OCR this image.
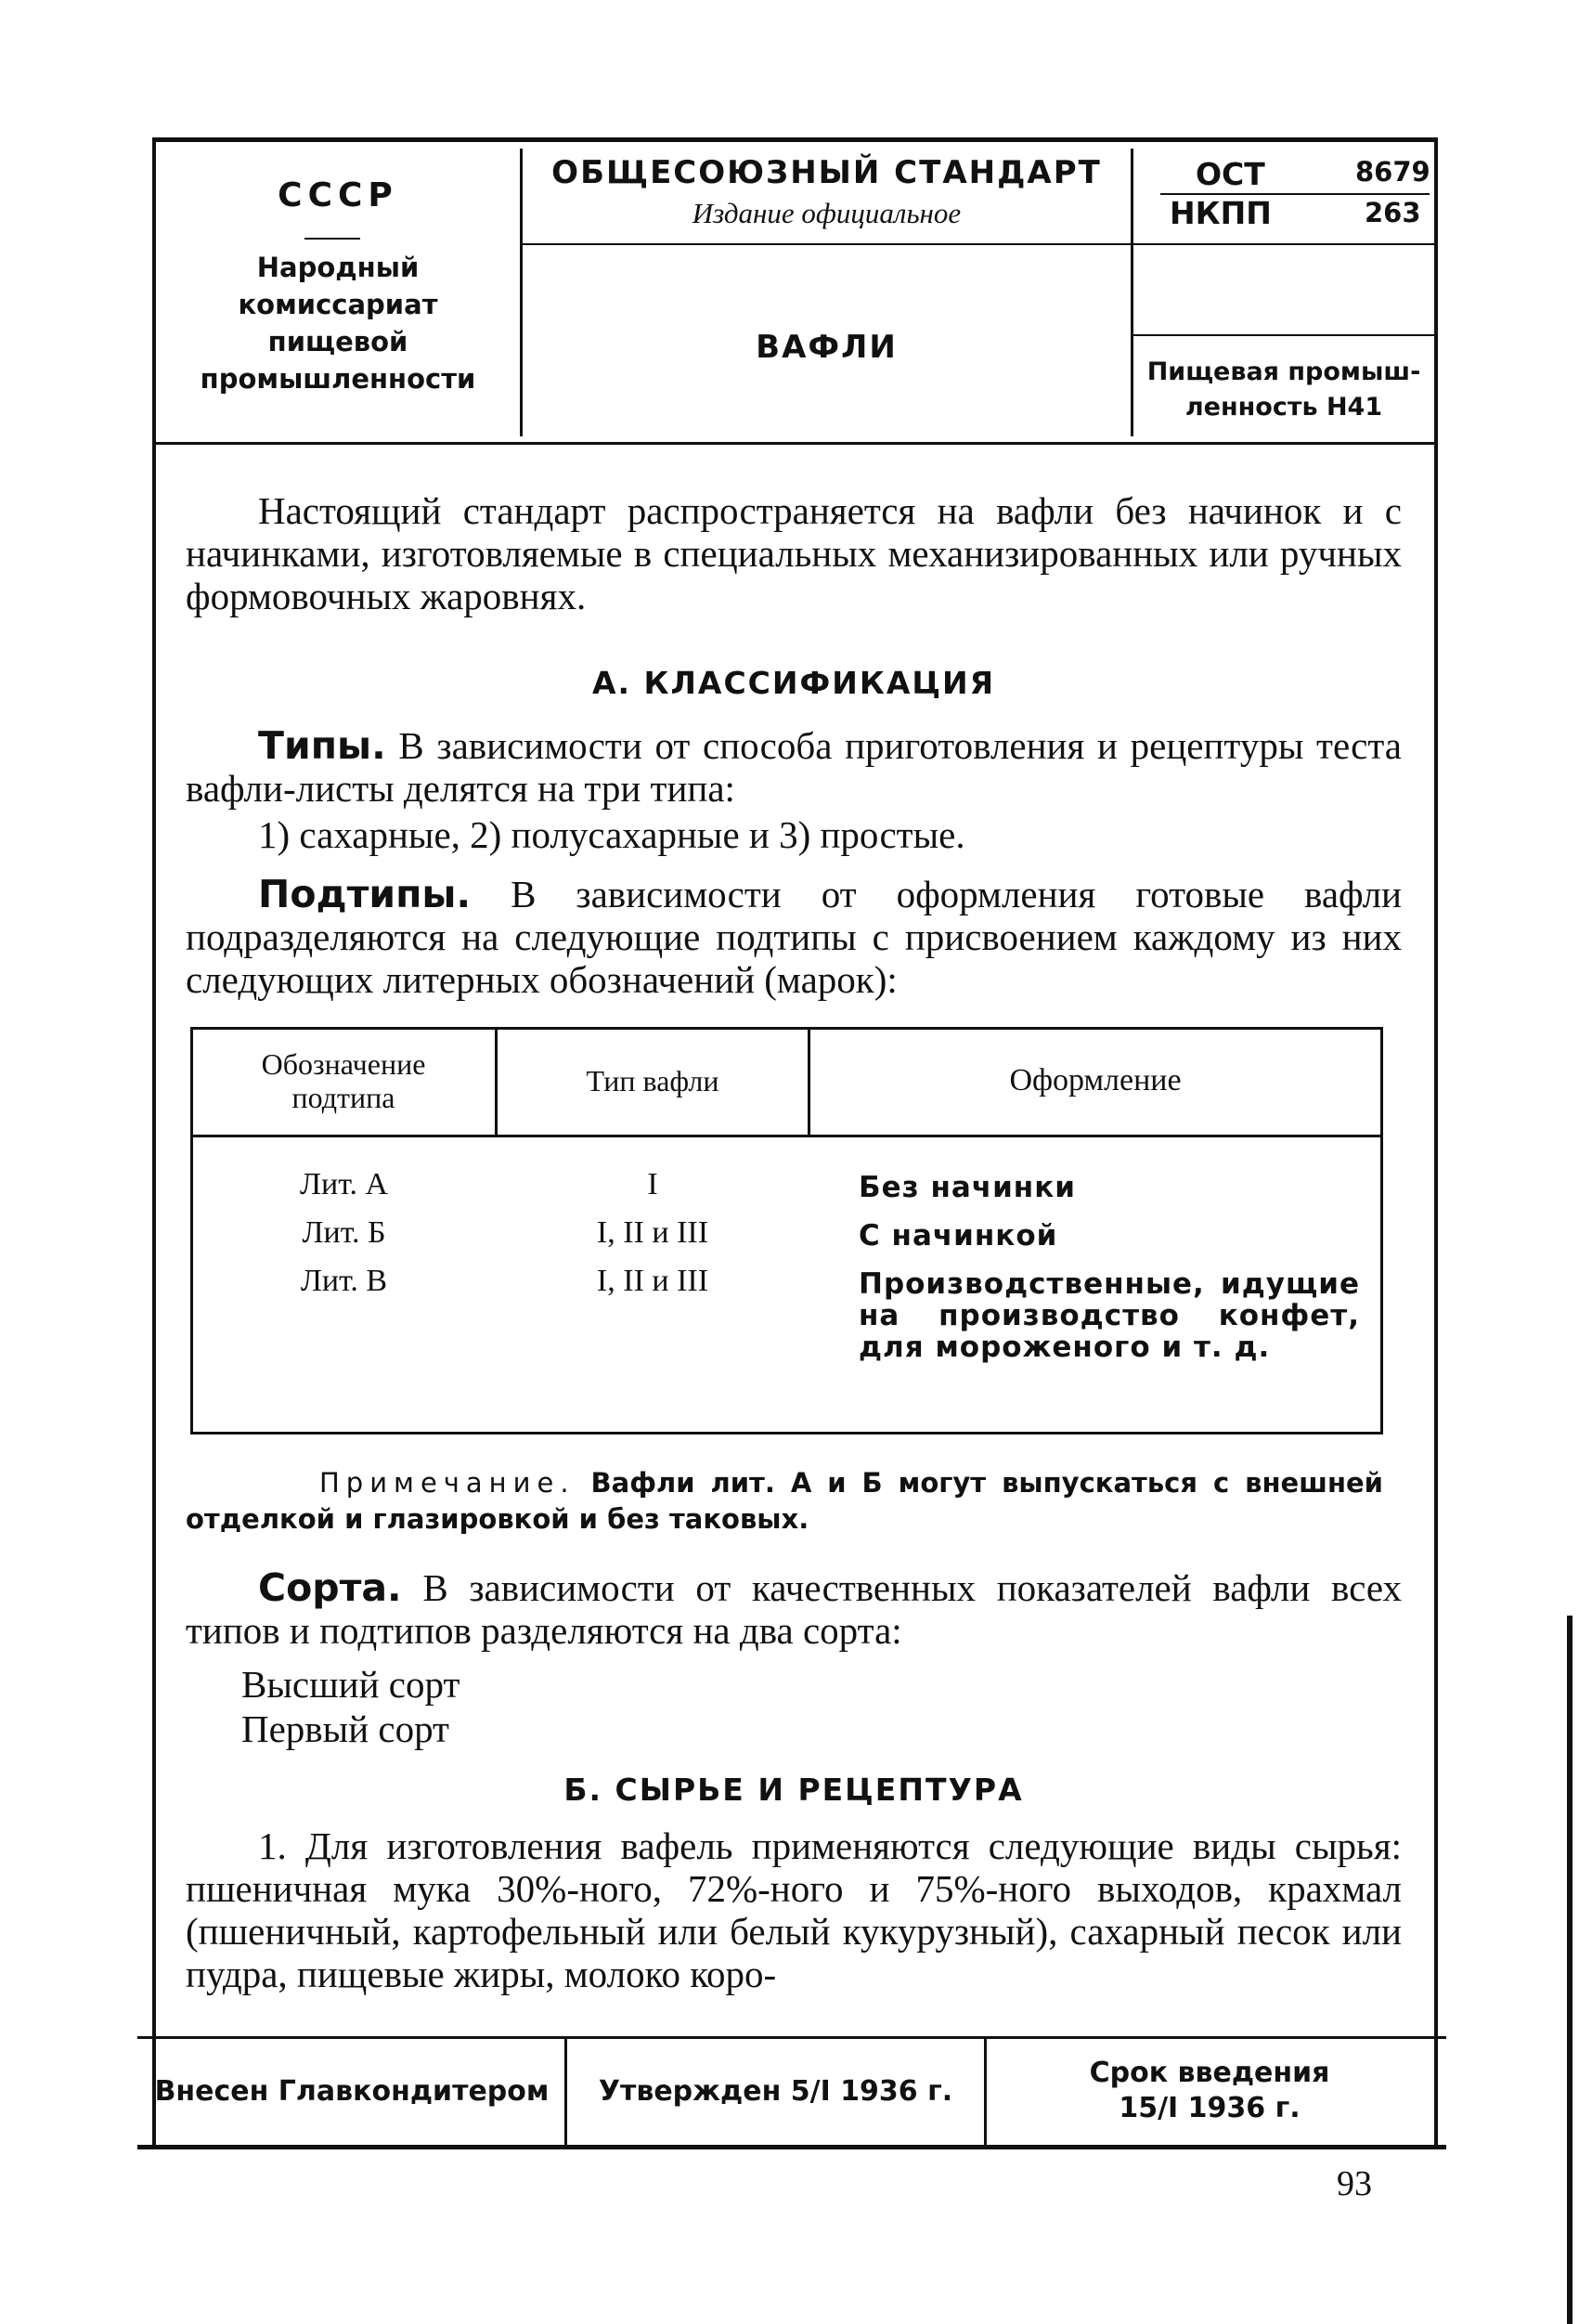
СССР
Народный
комиссариат
пищевой
промышленности
ОБЩЕСОЮЗНЫЙ СТАНДАРТ
Издание официальное
ВАФЛИ
ОСТ	8679
НКПП	263
Пищевая промыш-
ленность Н41
Настоящий стандарт распространяется на вафли без начинок и с начинками, изготовляемые в специальных механизированных или ручных формовочных жаровнях.
А. КЛАССИФИКАЦИЯ
Типы. В зависимости от способа приготовления и рецептуры теста вафли-листы делятся на три типа:
1) сахарные, 2) полусахарные и 3) простые.
Подтипы. В зависимости от оформления готовые вафли подразделяются на следующие подтипы с присвоением каждому из них следующих литерных обозначений (марок):
Обозначение подтипа	Тип вафли	Оформление
Лит. А	I	Без начинки
Лит. Б	I, II и III	С начинкой
Лит. В	I, II и III	Производственные, идущие на производство конфет, для мороженого и т. д.
Примечание. Вафли лит. А и Б могут выпускаться с внешней отделкой и глазировкой и без таковых.
Сорта. В зависимости от качественных показателей вафли всех типов и подтипов разделяются на два сорта:
Высший сорт
Первый сорт
Б. СЫРЬЕ И РЕЦЕПТУРА
1. Для изготовления вафель применяются следующие виды сырья: пшеничная мука 30%-ного, 72%-ного и 75%-ного выходов, крахмал (пшеничный, картофельный или белый кукурузный), сахарный песок или пудра, пищевые жиры, молоко коро-
Внесен Главкондитером	Утвержден 5/I 1936 г.
Срок введения
15/I 1936 г.
93
